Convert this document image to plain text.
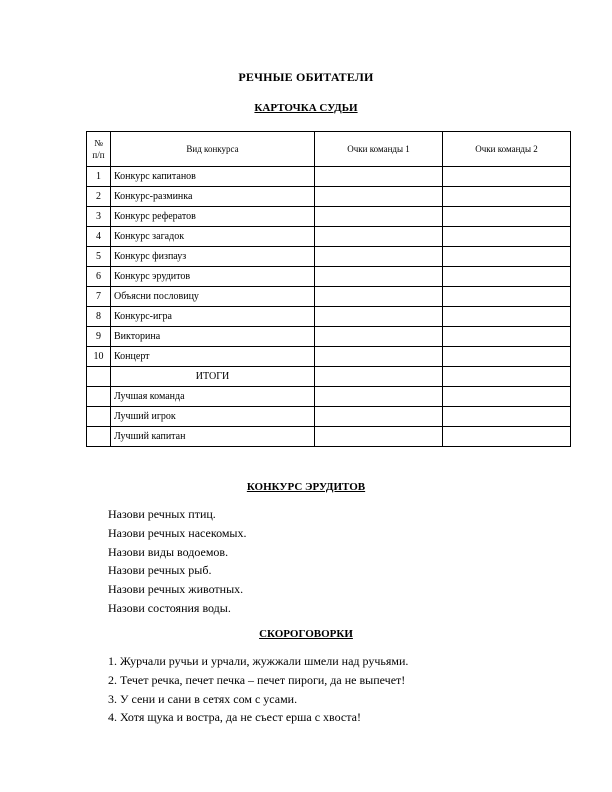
РЕЧНЫЕ ОБИТАТЕЛИ
КАРТОЧКА СУДЬИ
№ п/п	Вид конкурса	Очки команды 1	Очки команды 2
1	Конкурс капитанов		
2	Конкурс-разминка		
3	Конкурс рефератов		
4	Конкурс загадок		
5	Конкурс физпауз		
6	Конкурс эрудитов		
7	Объясни пословицу		
8	Конкурс-игра		
9	Викторина		
10	Концерт		
	ИТОГИ		
	Лучшая команда		
	Лучший игрок		
	Лучший капитан		
КОНКУРС ЭРУДИТОВ
Назови речных птиц.
Назови речных насекомых.
Назови виды водоемов.
Назови речных рыб.
Назови речных животных.
Назови состояния воды.
СКОРОГОВОРКИ
1. Журчали ручьи и урчали, жужжали шмели над ручьями.
2. Течет речка, печет печка – печет пироги, да не выпечет!
3. У сени и сани в сетях сом с усами.
4. Хотя щука и востра, да не съест ерша с хвоста!
